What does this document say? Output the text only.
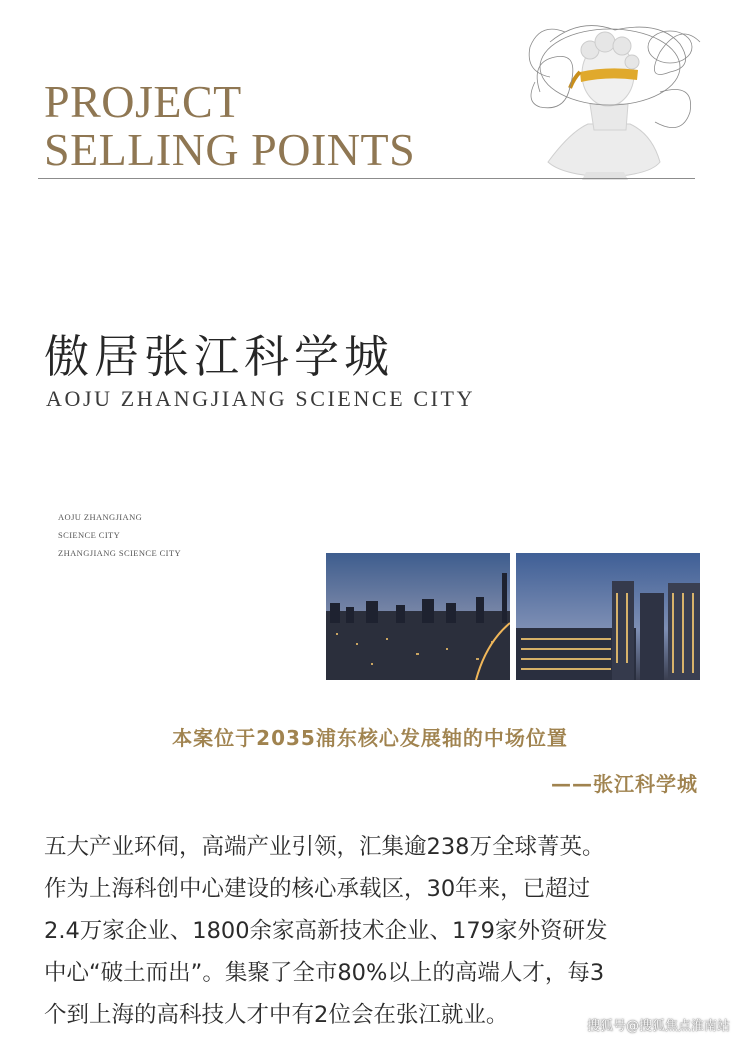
PROJECT
SELLING POINTS
傲居张江科学城
AOJU ZHANGJIANG SCIENCE CITY
AOJU ZHANGJIANG
SCIENCE CITY
ZHANGJIANG SCIENCE CITY
本案位于2035浦东核心发展轴的中场位置
——张江科学城

五大产业环伺，高端产业引领，汇集逾238万全球菁英。
作为上海科创中心建设的核心承载区，30年来，已超过
2.4万家企业、1800余家高新技术企业、179家外资研发
中心“破土而出”。集聚了全市80%以上的高端人才，每3
个到上海的高科技人才中有2位会在张江就业。	搜狐号@搜狐焦点淮南站
